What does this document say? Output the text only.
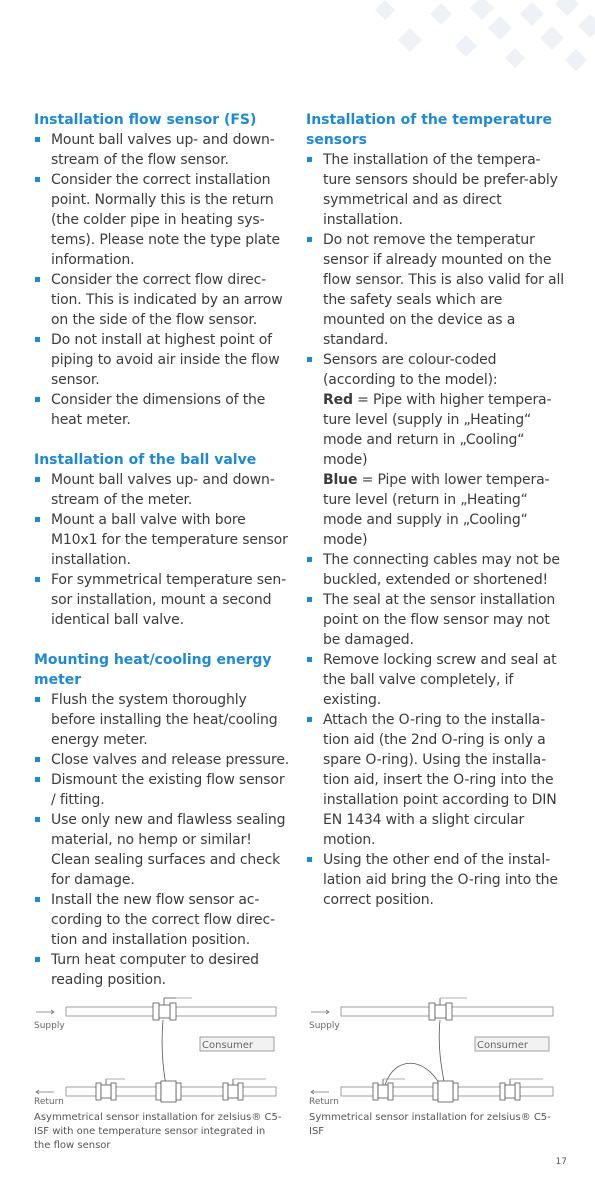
Installation flow sensor (FS)
Mount ball valves up- and down-stream of the flow sensor.
Consider the correct installation point. Normally this is the return (the colder pipe in heating sys-tems). Please note the type plate information.
Consider the correct flow direc-tion. This is indicated by an arrow on the side of the flow sensor.
Do not install at highest point of piping to avoid air inside the flow sensor.
Consider the dimensions of the heat meter.
Installation of the ball valve
Mount ball valves up- and down-stream of the meter.
Mount a ball valve with bore M10x1 for the temperature sensor installation.
For symmetrical temperature sen-sor installation, mount a second identical ball valve.
Mounting heat/cooling energy meter
Flush the system thoroughly before installing the heat/cooling energy meter.
Close valves and release pressure.
Dismount the existing flow sensor / fitting.
Use only new and flawless sealing material, no hemp or similar! Clean sealing surfaces and check for damage.
Install the new flow sensor ac-cording to the correct flow direc-tion and installation position.
Turn heat computer to desired reading position.
Installation of the temperature sensors
The installation of the tempera-ture sensors should be prefer-ably symmetrical and as direct installation.
Do not remove the temperatur sensor if already mounted on the flow sensor. This is also valid for all the safety seals which are mounted on the device as a standard.
Sensors are colour-coded (according to the model):
Red = Pipe with higher tempera-ture level (supply in „Heating“ mode and return in „Cooling“ mode)
Blue = Pipe with lower tempera-ture level (return in „Heating“ mode and supply in „Cooling“ mode)
The connecting cables may not be buckled, extended or shortened!
The seal at the sensor installation point on the flow sensor may not be damaged.
Remove locking screw and seal at the ball valve completely, if existing.
Attach the O-ring to the installa-tion aid (the 2nd O-ring is only a spare O-ring). Using the installa-tion aid, insert the O-ring into the installation point according to DIN EN 1434 with a slight circular motion.
Using the other end of the instal-lation aid bring the O-ring into the correct position.
Supply
Consumer
Return
Asymmetrical sensor installation for zelsius® C5-ISF with one temperature sensor integrated in the flow sensor
Supply
Consumer
Return
Symmetrical sensor installation for zelsius® C5-ISF
17
